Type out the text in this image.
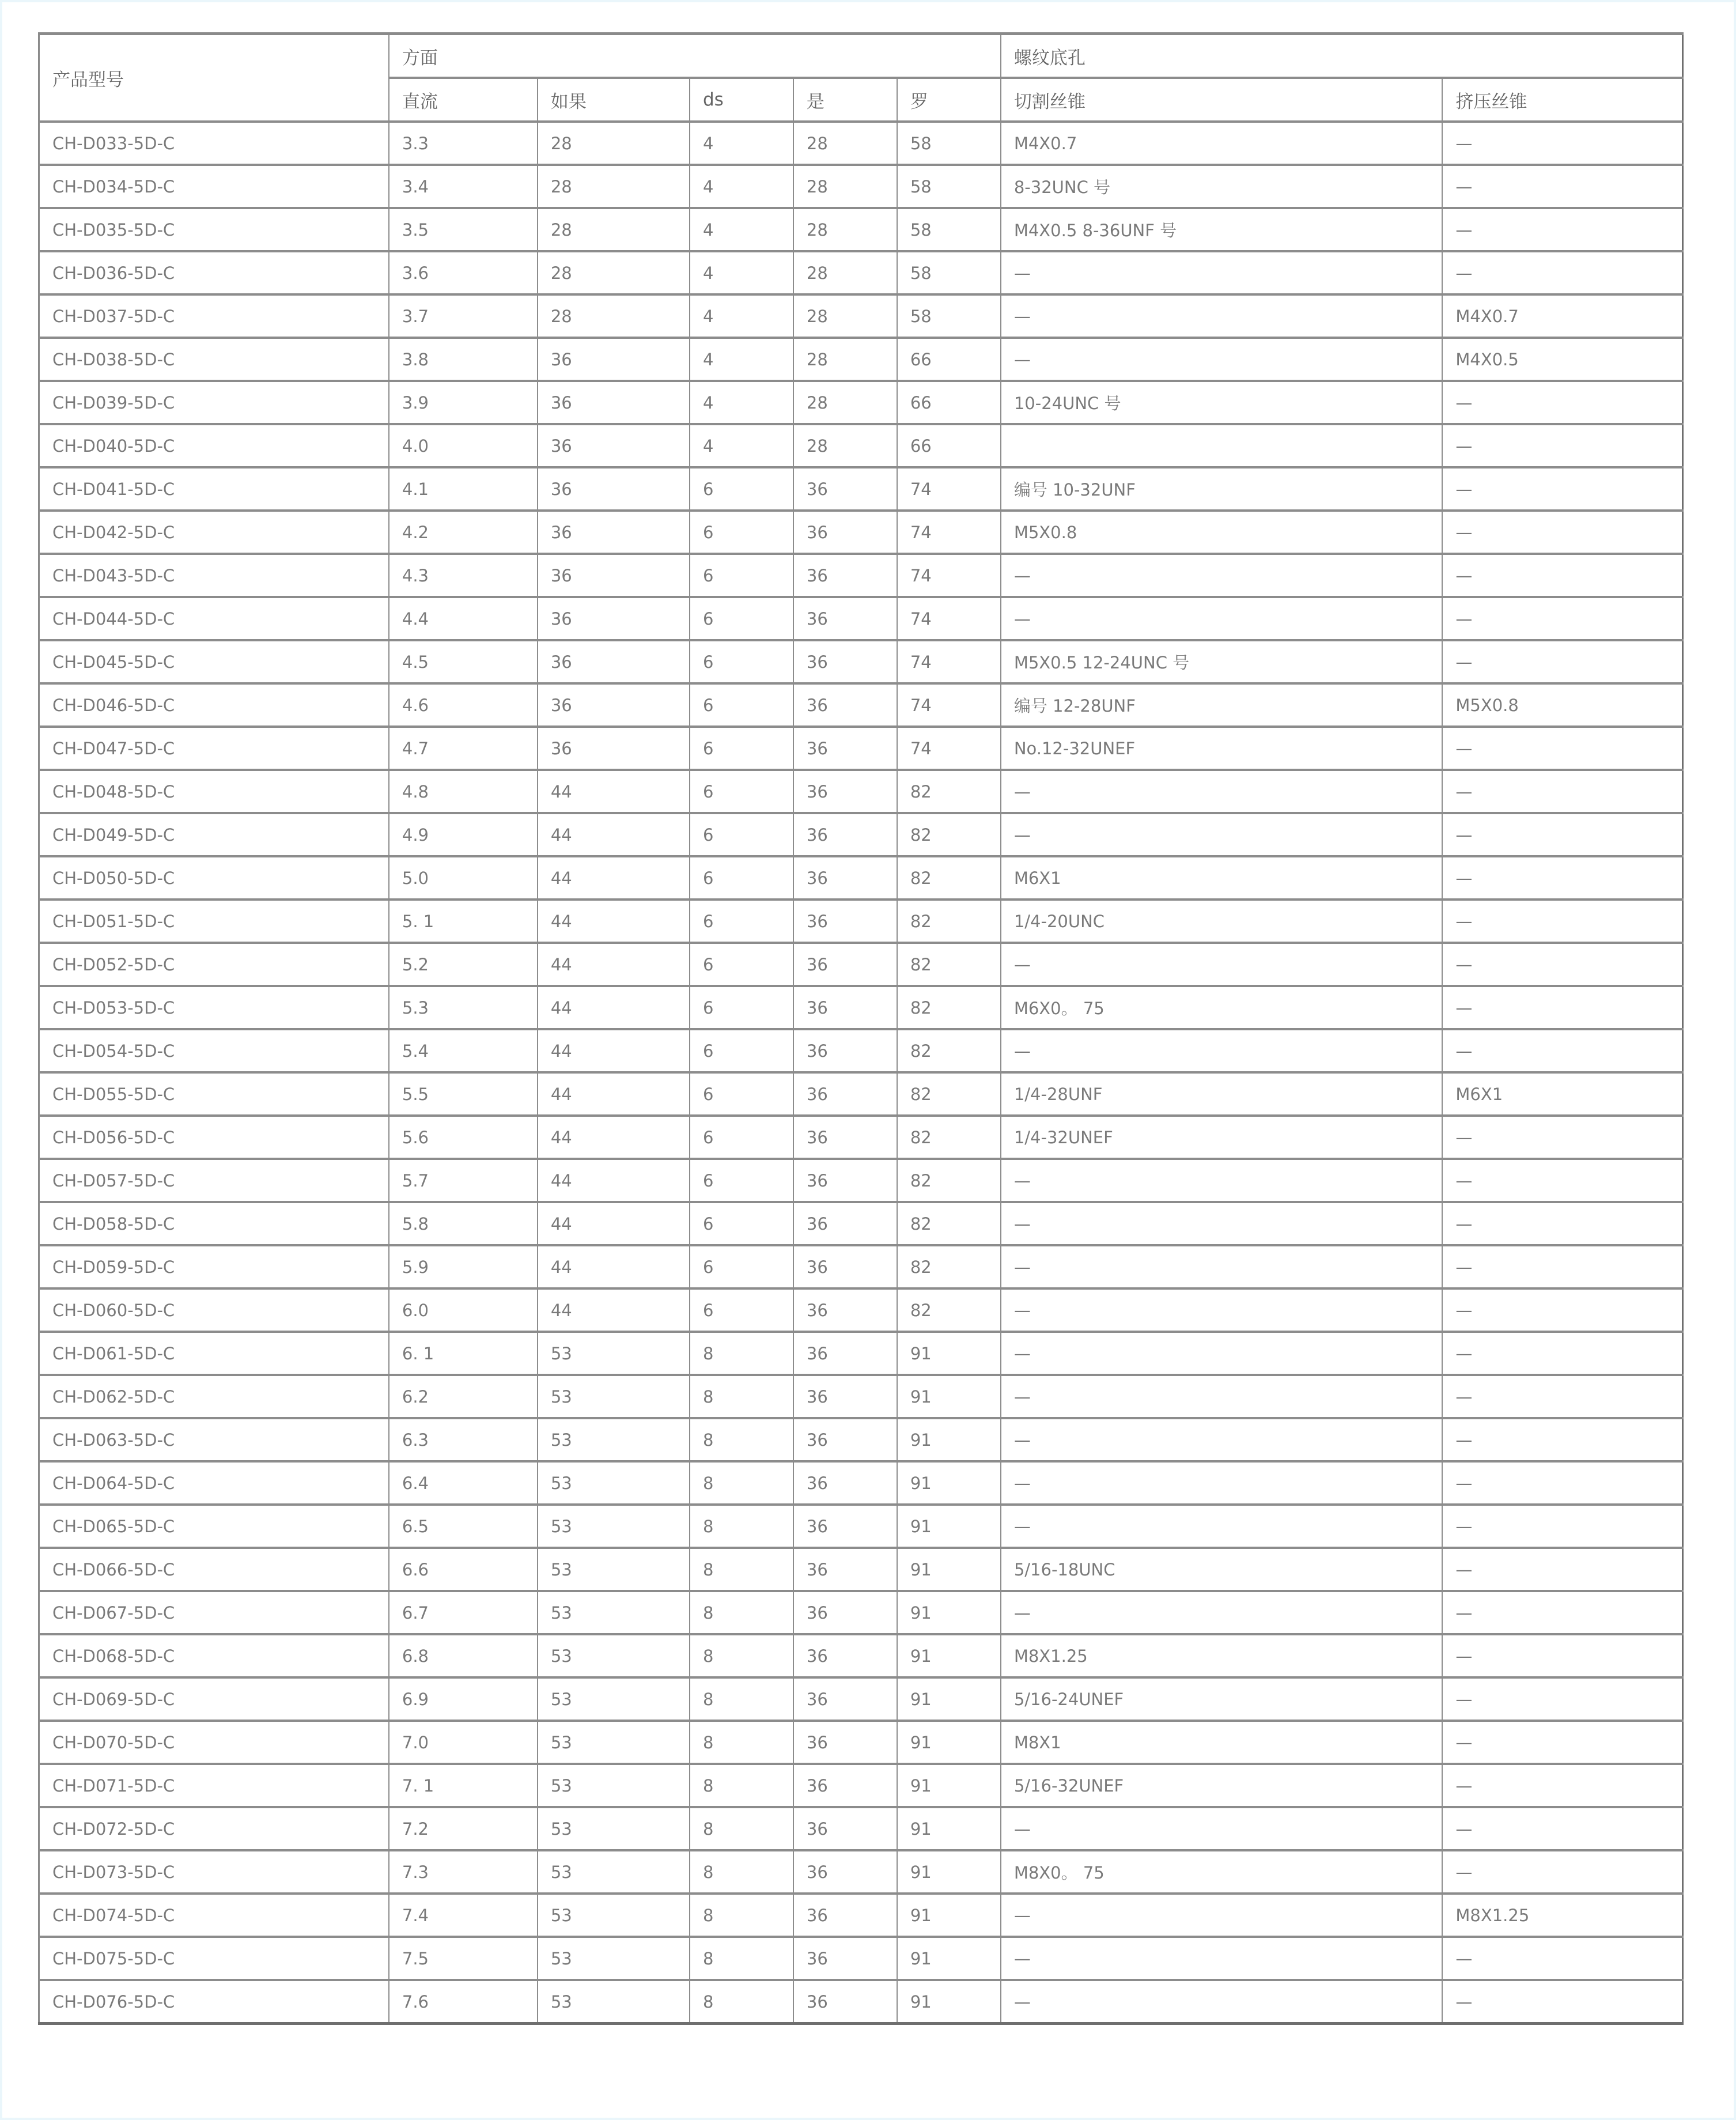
产品型号	方面					螺纹底孔	
	直流	如果	ds	是	罗	切割丝锥	挤压丝锥
CH-D033-5D-C	3.3	28	4	28	58	M4X0.7	—
CH-D034-5D-C	3.4	28	4	28	58	8-32UNC 号	—
CH-D035-5D-C	3.5	28	4	28	58	M4X0.5 8-36UNF 号	—
CH-D036-5D-C	3.6	28	4	28	58	—	—
CH-D037-5D-C	3.7	28	4	28	58	—	M4X0.7
CH-D038-5D-C	3.8	36	4	28	66	—	M4X0.5
CH-D039-5D-C	3.9	36	4	28	66	10-24UNC 号	—
CH-D040-5D-C	4.0	36	4	28	66		—
CH-D041-5D-C	4.1	36	6	36	74	编号 10-32UNF	—
CH-D042-5D-C	4.2	36	6	36	74	M5X0.8	—
CH-D043-5D-C	4.3	36	6	36	74	—	—
CH-D044-5D-C	4.4	36	6	36	74	—	—
CH-D045-5D-C	4.5	36	6	36	74	M5X0.5 12-24UNC 号	—
CH-D046-5D-C	4.6	36	6	36	74	编号 12-28UNF	M5X0.8
CH-D047-5D-C	4.7	36	6	36	74	No.12-32UNEF	—
CH-D048-5D-C	4.8	44	6	36	82	—	—
CH-D049-5D-C	4.9	44	6	36	82	—	—
CH-D050-5D-C	5.0	44	6	36	82	M6X1	—
CH-D051-5D-C	5. 1	44	6	36	82	1/4-20UNC	—
CH-D052-5D-C	5.2	44	6	36	82	—	—
CH-D053-5D-C	5.3	44	6	36	82	M6X0。 75	—
CH-D054-5D-C	5.4	44	6	36	82	—	—
CH-D055-5D-C	5.5	44	6	36	82	1/4-28UNF	M6X1
CH-D056-5D-C	5.6	44	6	36	82	1/4-32UNEF	—
CH-D057-5D-C	5.7	44	6	36	82	—	—
CH-D058-5D-C	5.8	44	6	36	82	—	—
CH-D059-5D-C	5.9	44	6	36	82	—	—
CH-D060-5D-C	6.0	44	6	36	82	—	—
CH-D061-5D-C	6. 1	53	8	36	91	—	—
CH-D062-5D-C	6.2	53	8	36	91	—	—
CH-D063-5D-C	6.3	53	8	36	91	—	—
CH-D064-5D-C	6.4	53	8	36	91	—	—
CH-D065-5D-C	6.5	53	8	36	91	—	—
CH-D066-5D-C	6.6	53	8	36	91	5/16-18UNC	—
CH-D067-5D-C	6.7	53	8	36	91	—	—
CH-D068-5D-C	6.8	53	8	36	91	M8X1.25	—
CH-D069-5D-C	6.9	53	8	36	91	5/16-24UNEF	—
CH-D070-5D-C	7.0	53	8	36	91	M8X1	—
CH-D071-5D-C	7. 1	53	8	36	91	5/16-32UNEF	—
CH-D072-5D-C	7.2	53	8	36	91	—	—
CH-D073-5D-C	7.3	53	8	36	91	M8X0。 75	—
CH-D074-5D-C	7.4	53	8	36	91	—	M8X1.25
CH-D075-5D-C	7.5	53	8	36	91	—	—
CH-D076-5D-C	7.6	53	8	36	91	—	—
